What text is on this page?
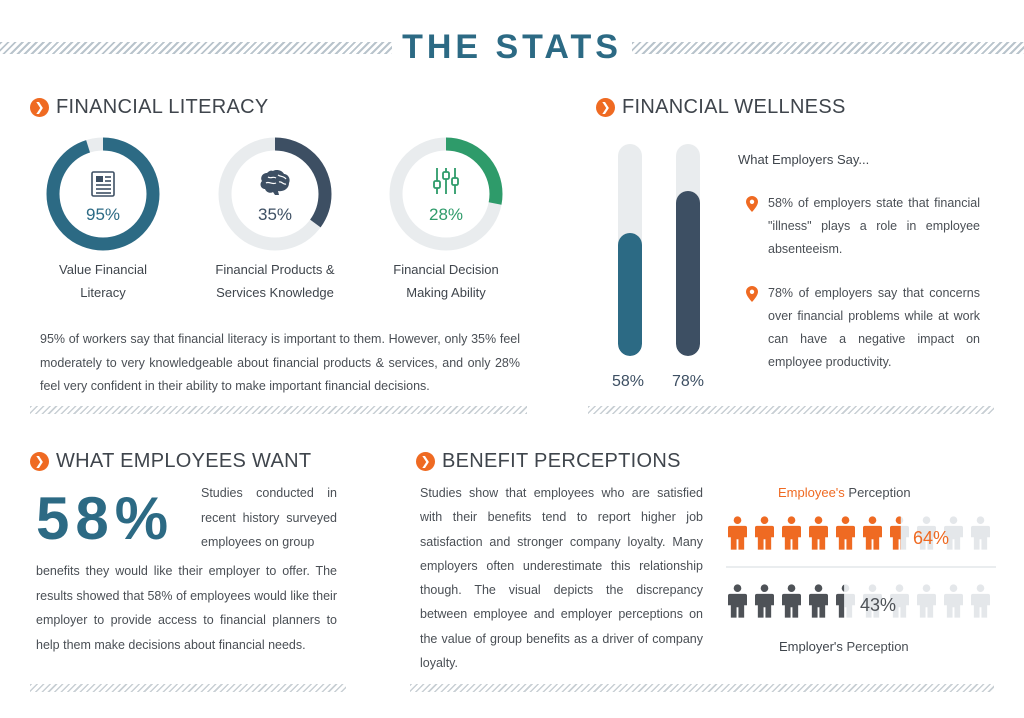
THE STATS
❯ FINANCIAL LITERACY
95%	35%	28%
Value Financial
Literacy
Financial Products &
Services Knowledge
Financial Decision
Making Ability
95% of workers say that financial literacy is important to them. However, only 35% feel moderately to very knowledgeable about financial products & services, and only 28% feel very confident in their ability to make important financial decisions.
❯ FINANCIAL WELLNESS
58% 78%
What Employers Say...
58% of employers state that financial "illness" plays a role in employee absenteeism.
78% of employers say that concerns over financial problems while at work can have a negative impact on employee productivity.
❯ WHAT EMPLOYEES WANT
58% Studies conducted in recent history surveyed employees on group
benefits they would like their employer to offer. The results showed that 58% of employees would like their employer to provide access to financial planners to help them make decisions about financial needs.
❯ BENEFIT PERCEPTIONS
Studies show that employees who are satisfied with their benefits tend to report higher job satisfaction and stronger company loyalty. Many employers often underestimate this relationship though. The visual depicts the discrepancy between employee and employer perceptions on the value of group benefits as a driver of company loyalty.
Employee's Perception
64%
43%
Employer's Perception
